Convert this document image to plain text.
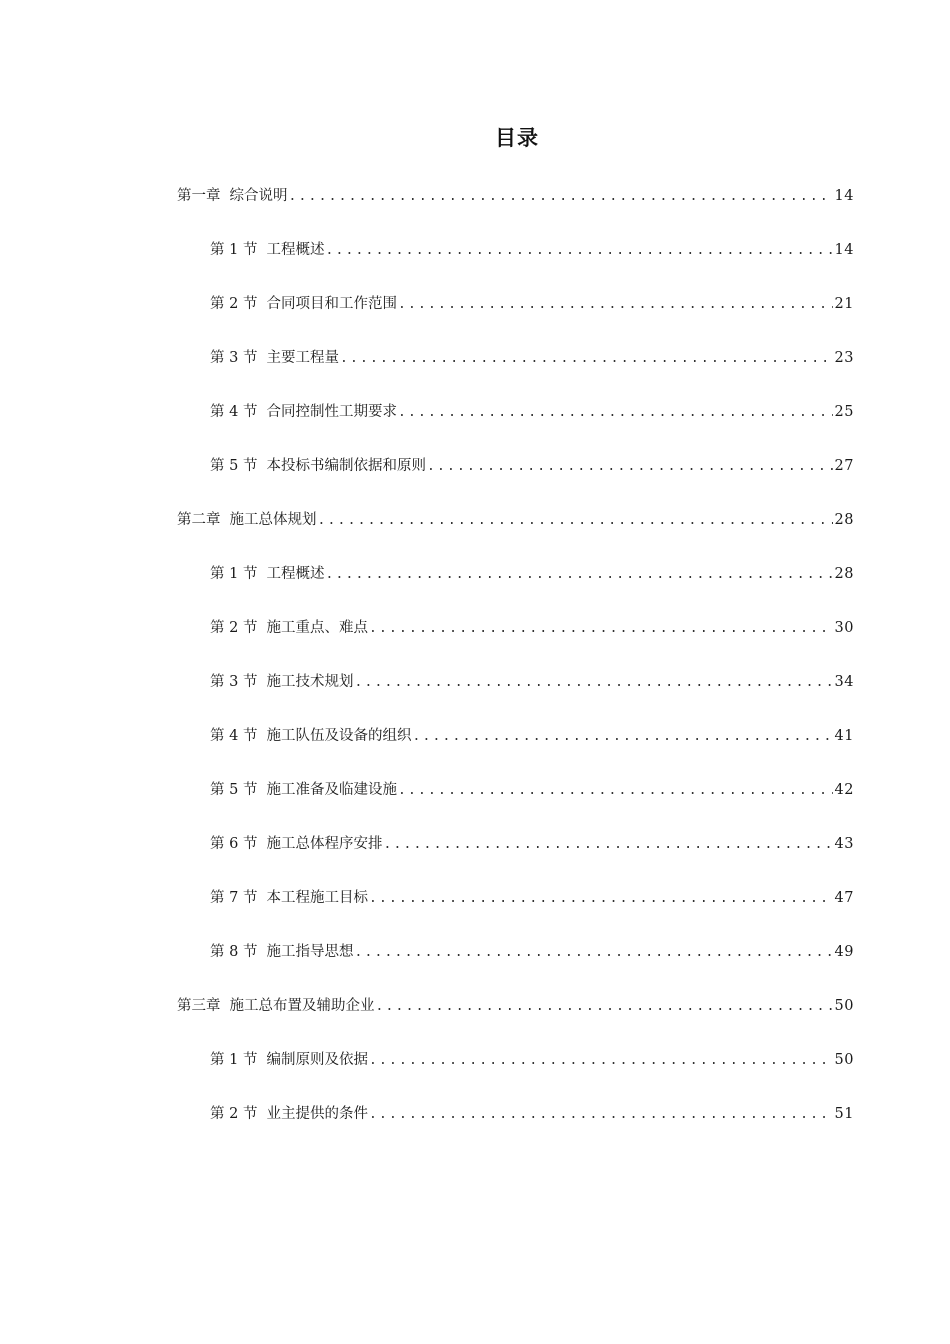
目录
第一章 综合说明 .....	14
第 1 节 工程概述 .....	14
第 2 节 合同项目和工作范围 .....	21
第 3 节 主要工程量 .....	23
第 4 节 合同控制性工期要求 .....	25
第 5 节 本投标书编制依据和原则 .....	27
第二章 施工总体规划 .....	28
第 1 节 工程概述 .....	28
第 2 节 施工重点、难点 .....	30
第 3 节 施工技术规划 .....	34
第 4 节 施工队伍及设备的组织 .....	41
第 5 节 施工准备及临建设施 .....	42
第 6 节 施工总体程序安排 .....	43
第 7 节 本工程施工目标 .....	47
第 8 节 施工指导思想 .....	49
第三章 施工总布置及辅助企业 .....	50
第 1 节 编制原则及依据 .....	50
第 2 节 业主提供的条件 .....	51
